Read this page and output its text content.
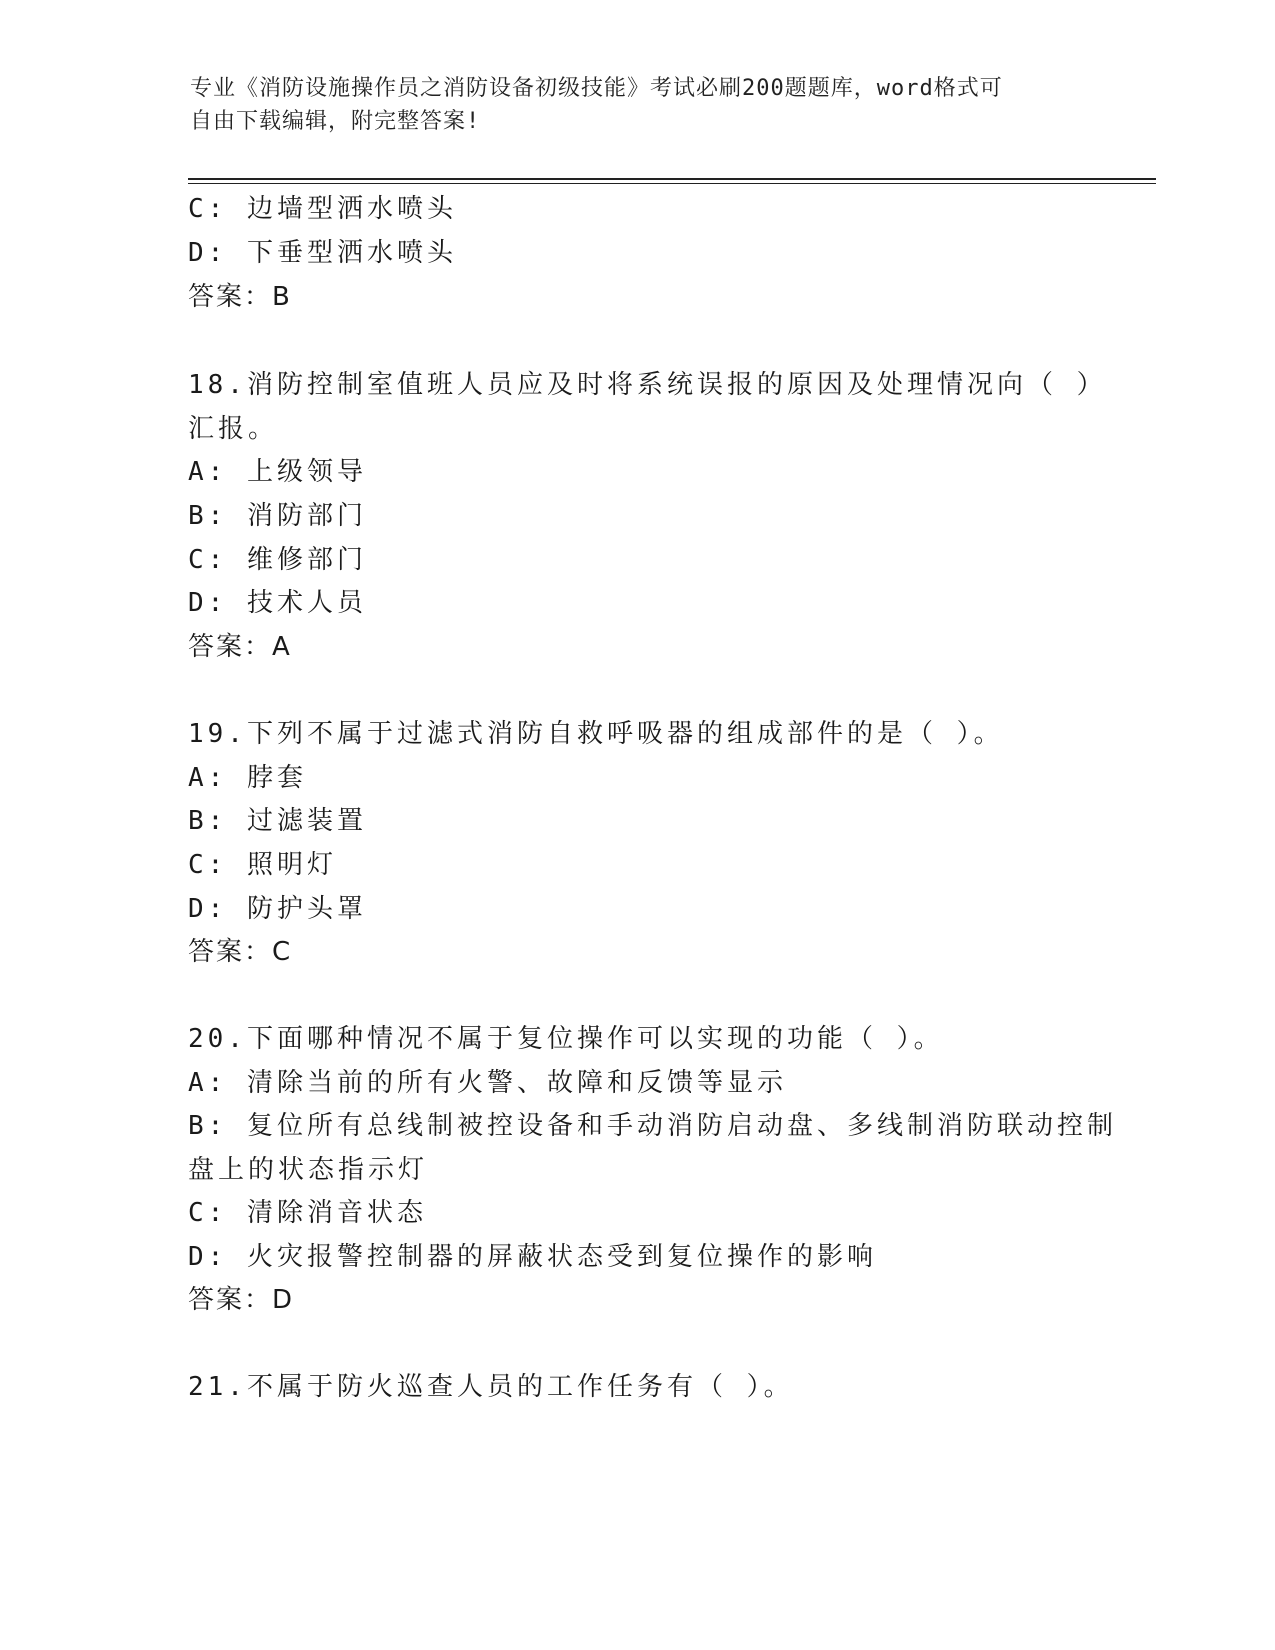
专业《消防设施操作员之消防设备初级技能》考试必刷200题题库，word格式可
自由下载编辑，附完整答案!
C: 边墙型洒水喷头
D: 下垂型洒水喷头
答案：B
18.消防控制室值班人员应及时将系统误报的原因及处理情况向（ ）
汇报。
A: 上级领导
B: 消防部门
C: 维修部门
D: 技术人员
答案：A
19.下列不属于过滤式消防自救呼吸器的组成部件的是（ ）。
A: 脖套
B: 过滤装置
C: 照明灯
D: 防护头罩
答案：C
20.下面哪种情况不属于复位操作可以实现的功能（ ）。
A: 清除当前的所有火警、故障和反馈等显示
B: 复位所有总线制被控设备和手动消防启动盘、多线制消防联动控制
盘上的状态指示灯
C: 清除消音状态
D: 火灾报警控制器的屏蔽状态受到复位操作的影响
答案：D
21.不属于防火巡查人员的工作任务有（ ）。
